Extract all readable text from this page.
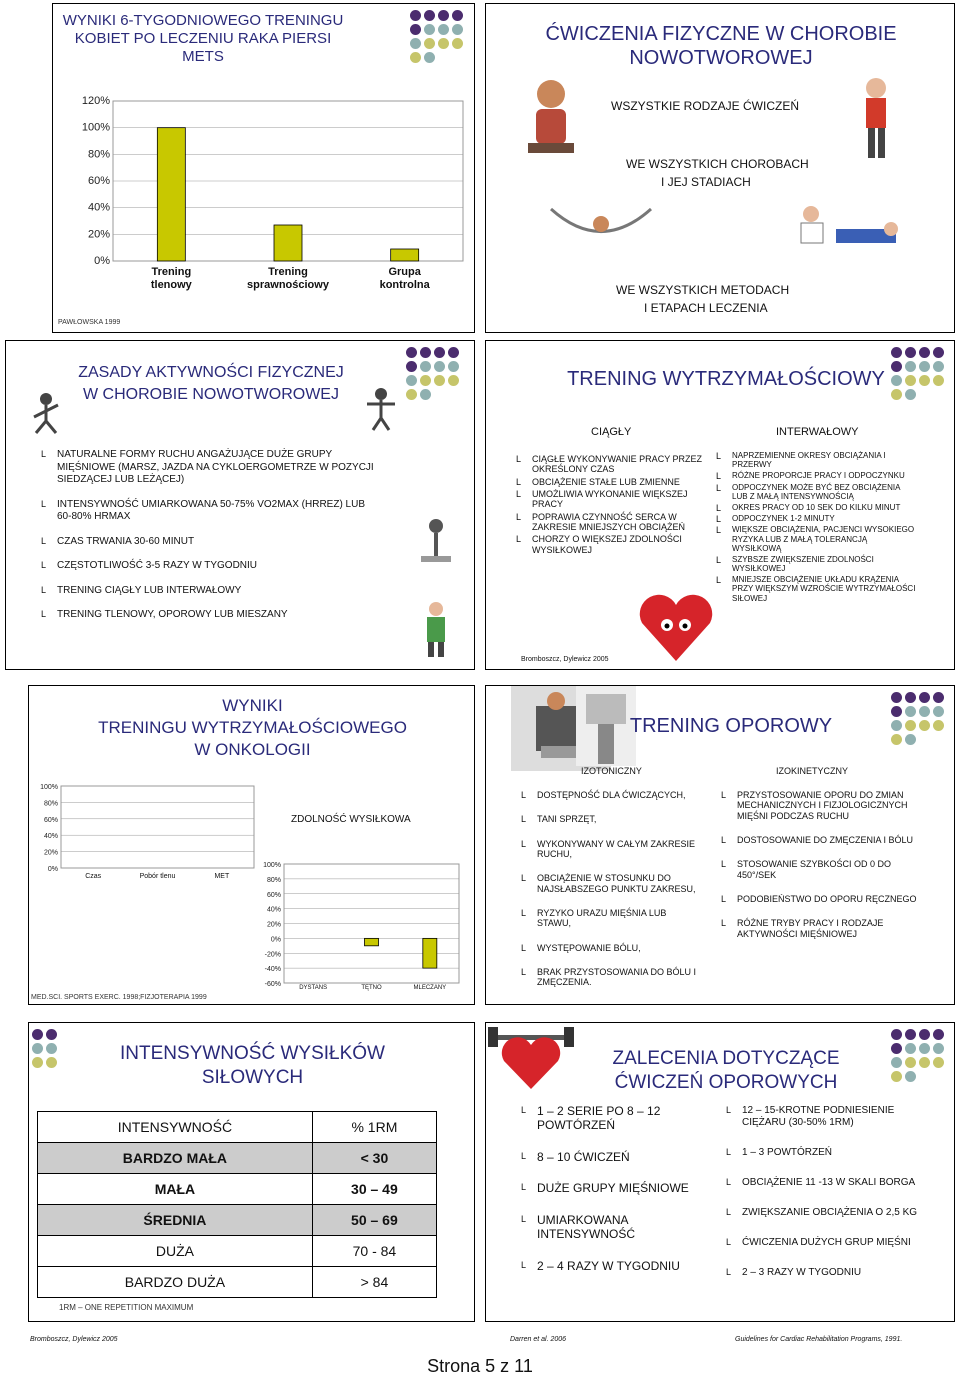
WYNIKI 6-TYGODNIOWEGO TRENINGU KOBIET PO LECZENIU RAKA PIERSI METS
0%
20%
40%
60%
80%
100%
120%
Trening
tlenowy
Trening
sprawnościowy
Grupa
kontrolna
PAWŁOWSKA 1999
ĆWICZENIA FIZYCZNE W CHOROBIE NOWOTWOROWEJ
WSZYSTKIE RODZAJE ĆWICZEŃ
WE WSZYSTKICH CHOROBACH
I JEJ STADIACH
WE WSZYSTKICH METODACH
I ETAPACH LECZENIA
ZASADY AKTYWNOŚCI FIZYCZNEJ
W CHOROBIE NOWOTWOROWEJ
L NATURALNE FORMY RUCHU ANGAŻUJĄCE DUŻE GRUPY MIĘŚNIOWE (MARSZ, JAZDA NA CYKLOERGOMETRZE W POZYCJI SIEDZĄCEJ LUB LEŻĄCEJ)
L INTENSYWNOŚĆ UMIARKOWANA 50-75% VO2MAX (HRREZ) LUB 60-80% HRMAX
L CZAS TRWANIA 30-60 MINUT
L CZĘSTOTLIWOŚĆ 3-5 RAZY W TYGODNIU
L TRENING CIĄGŁY LUB INTERWAŁOWY
L TRENING TLENOWY, OPOROWY LUB MIESZANY
TRENING WYTRZYMAŁOŚCIOWY
CIĄGŁY	INTERWAŁOWY
L CIĄGŁE WYKONYWANIE PRACY PRZEZ OKREŚLONY CZAS
L OBCIĄŻENIE STAŁE LUB ZMIENNE
L UMOŻLIWIA WYKONANIE WIĘKSZEJ PRACY
L POPRAWIA CZYNNOŚĆ SERCA W ZAKRESIE MNIEJSZYCH OBCIĄŻEŃ
L CHORZY O WIĘKSZEJ ZDOLNOŚCI WYSIŁKOWEJ
L NAPRZEMIENNE OKRESY OBCIĄŻANIA I PRZERWY
L RÓŻNE PROPORCJE PRACY I ODPOCZYNKU
L ODPOCZYNEK MOŻE BYĆ BEZ OBCIĄŻENIA LUB Z MAŁĄ INTENSYWNOŚCIĄ
L OKRES PRACY OD 10 SEK DO KILKU MINUT
L ODPOCZYNEK 1-2 MINUTY
L WIĘKSZE OBCIĄŻENIA, PACJENCI WYSOKIEGO RYZYKA LUB Z MAŁĄ TOLERANCJĄ WYSIŁKOWĄ
L SZYBSZE ZWIĘKSZENIE ZDOLNOŚCI WYSIŁKOWEJ
L MNIEJSZE OBCIĄŻENIE UKŁADU KRĄŻENIA PRZY WIĘKSZYM WZROŚCIE WYTRZYMAŁOŚCI SIŁOWEJ
Bromboszcz, Dylewicz 2005
WYNIKI
TRENINGU WYTRZYMAŁOŚCIOWEGO
W ONKOLOGII
0%
20%
40%
60%
80%
100%
Czas	Pobór tlenu	MET
ZDOLNOŚĆ WYSIŁKOWA
-60%
-40%
-20%
0%
20%
40%
60%
80%
100%
DYSTANS	TĘTNO	MLECZANY
MED.SCI. SPORTS EXERC. 1998;FIZJOTERAPIA 1999
TRENING OPOROWY
IZOTONICZNY	IZOKINETYCZNY
L DOSTĘPNOŚĆ DLA ĆWICZĄCYCH,
L TANI SPRZĘT,
L WYKONYWANY W CAŁYM ZAKRESIE RUCHU,
L OBCIĄŻENIE W STOSUNKU DO NAJSŁABSZEGO PUNKTU ZAKRESU,
L RYZYKO URAZU MIĘŚNIA LUB STAWU,
L WYSTĘPOWANIE BÓLU,
L BRAK PRZYSTOSOWANIA DO BÓLU I ZMĘCZENIA.
L PRZYSTOSOWANIE OPORU DO ZMIAN MECHANICZNYCH I FIZJOLOGICZNYCH MIĘŚNI PODCZAS RUCHU
L DOSTOSOWANIE DO ZMĘCZENIA I BÓLU
L STOSOWANIE SZYBKOŚCI OD 0 DO 450°/SEK
L PODOBIEŃSTWO DO OPORU RĘCZNEGO
L RÓŻNE TRYBY PRACY I RODZAJE AKTYWNOŚCI MIĘŚNIOWEJ
INTENSYWNOŚĆ WYSIŁKÓW
SIŁOWYCH
INTENSYWNOŚĆ	% 1RM
BARDZO MAŁA	< 30
MAŁA	30 – 49
ŚREDNIA	50 – 69
DUŻA	70 - 84
BARDZO DUŻA	> 84
1RM – ONE REPETITION MAXIMUM
ZALECENIA DOTYCZĄCE
ĆWICZEŃ OPOROWYCH
L 1 – 2 SERIE PO 8 – 12 POWTÓRZEŃ
L 8 – 10 ĆWICZEŃ
L DUŻE GRUPY MIĘŚNIOWE
L UMIARKOWANA INTENSYWNOŚĆ
L 2 – 4 RAZY W TYGODNIU
L 12 – 15-KROTNE PODNIESIENIE CIĘŻARU (30-50% 1RM)
L 1 – 3 POWTÓRZEŃ
L OBCIĄŻENIE 11 -13 W SKALI BORGA
L ZWIĘKSZANIE OBCIĄŻENIA O 2,5 KG
L ĆWICZENIA DUŻYCH GRUP MIĘŚNI
L 2 – 3 RAZY W TYGODNIU
Bromboszcz, Dylewicz 2005	Darren et al. 2006	Guidelines for Cardiac Rehabilitation Programs, 1991.
Strona 5 z 11
